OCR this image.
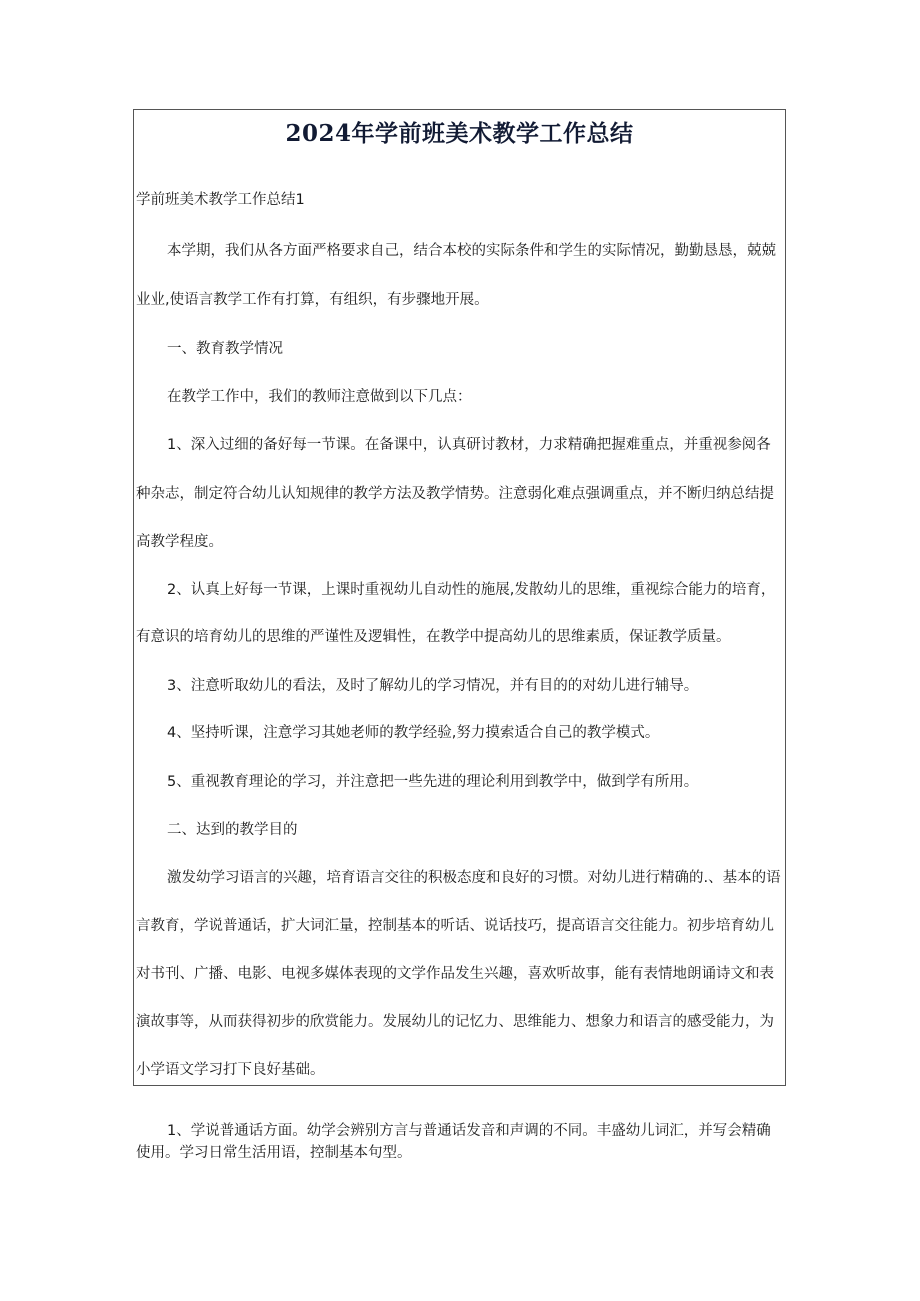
2024年学前班美术教学工作总结

学前班美术教学工作总结1

本学期，我们从各方面严格要求自己，结合本校的实际条件和学生的实际情况，勤勤恳恳，兢兢

业业,使语言教学工作有打算，有组织，有步骤地开展。

一、教育教学情况

在教学工作中，我们的教师注意做到以下几点：

1、深入过细的备好每一节课。在备课中，认真研讨教材，力求精确把握难重点，并重视参阅各

种杂志，制定符合幼儿认知规律的教学方法及教学情势。注意弱化难点强调重点，并不断归纳总结提

高教学程度。

2、认真上好每一节课，上课时重视幼儿自动性的施展,发散幼儿的思维，重视综合能力的培育，

有意识的培育幼儿的思维的严谨性及逻辑性，在教学中提高幼儿的思维素质，保证教学质量。

3、注意听取幼儿的看法，及时了解幼儿的学习情况，并有目的的对幼儿进行辅导。

4、坚持听课，注意学习其她老师的教学经验,努力摸索适合自己的教学模式。

5、重视教育理论的学习，并注意把一些先进的理论利用到教学中，做到学有所用。

二、达到的教学目的

激发幼学习语言的兴趣，培育语言交往的积极态度和良好的习惯。对幼儿进行精确的.、基本的语

言教育，学说普通话，扩大词汇量，控制基本的听话、说话技巧，提高语言交往能力。初步培育幼儿

对书刊、广播、电影、电视多媒体表现的文学作品发生兴趣，喜欢听故事，能有表情地朗诵诗文和表

演故事等，从而获得初步的欣赏能力。发展幼儿的记忆力、思维能力、想象力和语言的感受能力，为

小学语文学习打下良好基础。

1、学说普通话方面。幼学会辨别方言与普通话发音和声调的不同。丰盛幼儿词汇，并写会精确

使用。学习日常生活用语，控制基本句型。
